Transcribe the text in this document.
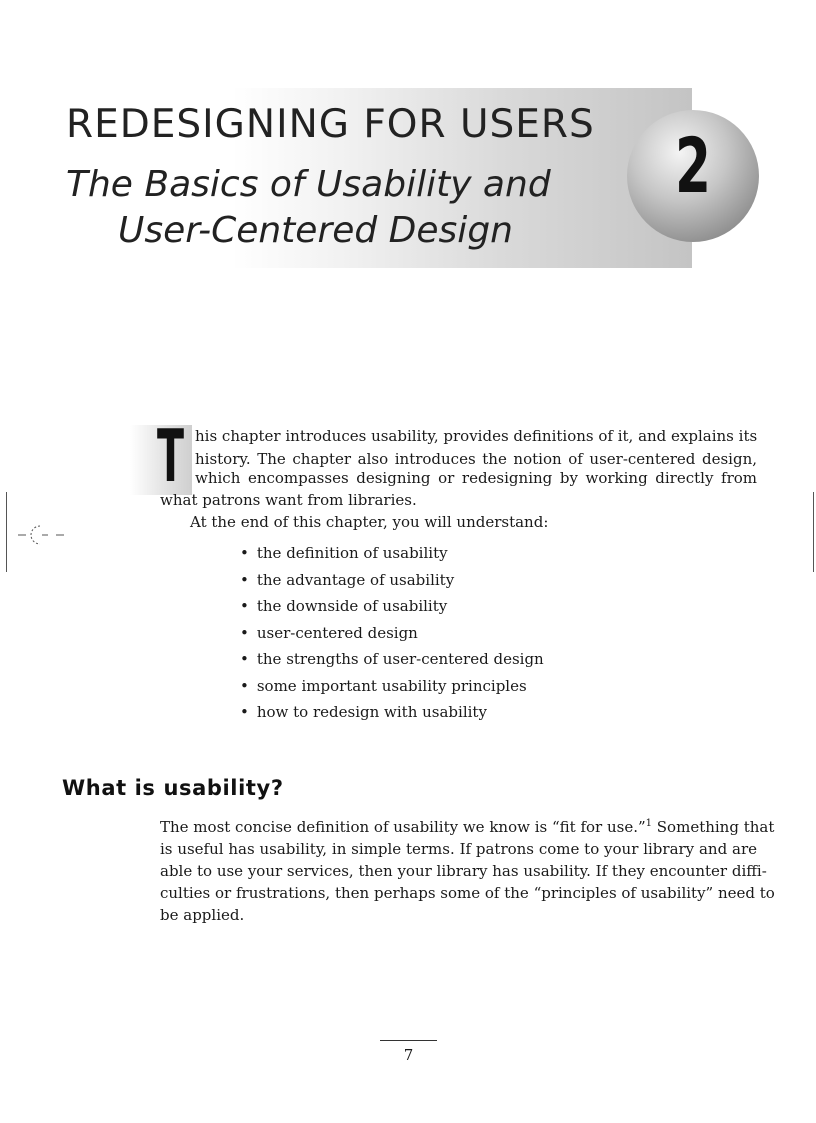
REDESIGNING FOR USERS
The Basics of Usability and
User-Centered Design
2
T his chapter introduces usability, provides definitions of it, and explains its
history. The chapter also introduces the notion of user-centered design,
which encompasses designing or redesigning by working directly from
what patrons want from libraries.
At the end of this chapter, you will understand:
• the definition of usability
• the advantage of usability
• the downside of usability
• user-centered design
• the strengths of user-centered design
• some important usability principles
• how to redesign with usability
What is usability?
The most concise definition of usability we know is “fit for use.”$^1$ Something that
is useful has usability, in simple terms. If patrons come to your library and are
able to use your services, then your library has usability. If they encounter diffi-
culties or frustrations, then perhaps some of the “principles of usability” need to
be applied.
7
